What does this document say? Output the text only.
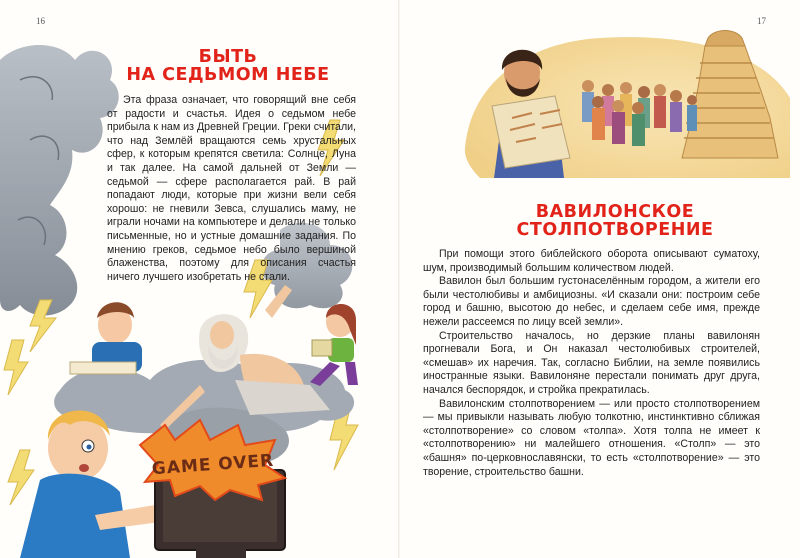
16
БЫТЬ
НА СЕДЬМОМ НЕБЕ

Эта фраза означает, что говорящий вне себя от радости и счастья. Идея о седьмом небе прибыла к нам из Древней Греции. Греки считали, что над Землёй вращаются семь хрустальных сфер, к которым крепятся светила: Солнце, Луна и так далее. На самой дальней от Земли — седьмой — сфере располагается рай. В рай попадают люди, которые при жизни вели себя хорошо: не гневили Зевса, слушались маму, не играли ночами на компьютере и делали не только письменные, но и устные домашние задания. По мнению греков, седьмое небо было вершиной блаженства, поэтому для описания счастья ничего лучшего изобретать не стали.

GAME OVER
17
ВАВИЛОНСКОЕ
СТОЛПОТВОРЕНИЕ

При помощи этого библейского оборота описывают суматоху, шум, производимый большим количеством людей.

Вавилон был большим густонаселённым городом, а жители его были честолюбивы и амбициозны. «И сказали они: построим себе город и башню, высотою до небес, и сделаем себе имя, прежде нежели рассеемся по лицу всей земли».

Строительство началось, но дерзкие планы вавилонян прогневали Бога, и Он наказал честолюбивых строителей, «смешав» их наречия. Так, согласно Библии, на земле появились иностранные языки. Вавилоняне перестали понимать друг друга, начался беспорядок, и стройка прекратилась.

Вавилонским столпотворением — или просто столпотворением — мы привыкли называть любую толкотню, инстинктивно сближая «столпотворение» со словом «толпа». Хотя толпа не имеет к «столпотворению» ни малейшего отношения. «Столп» — это «башня» по-церковнославянски, то есть «столпотворение» — это творение, строительство башни.
